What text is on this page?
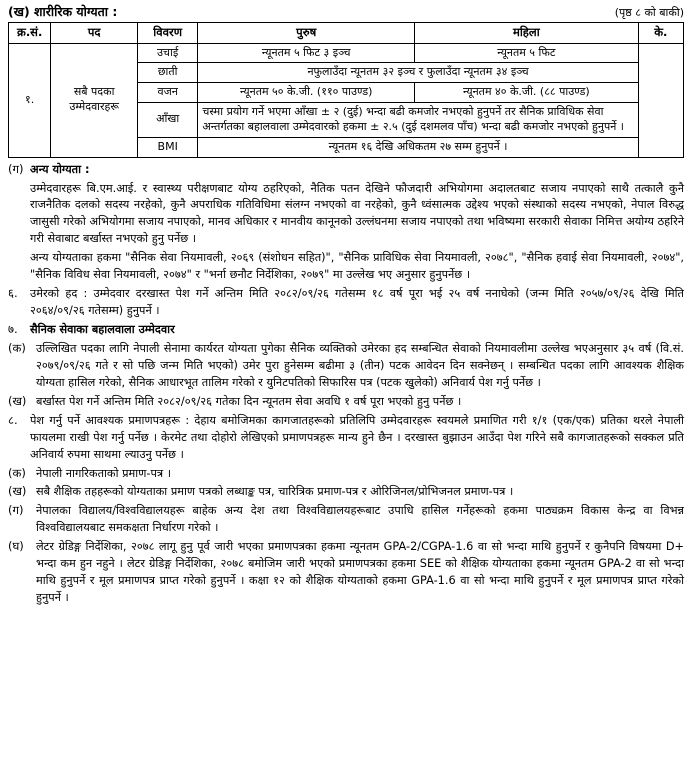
(ख) शारीरिक योग्यता :	(पृष्ठ ८ को बाकी)
क्र.सं.	पद	विवरण	पुरुष	महिला	के.
१.	सबै पदका उम्मेदवारहरू	उचाई	न्यूनतम ५ फिट ३ इञ्च	न्यूनतम ५ फिट	
		छाती	नफुलाउँदा न्यूनतम ३२ इञ्च र फुलाउँदा न्यूनतम ३४ इञ्च		
		वजन	न्यूनतम ५० के.जी. (११० पाउण्ड)	न्यूनतम ४० के.जी. (८८ पाउण्ड)	
		आँखा	चस्मा प्रयोग गर्ने भएमा आँखा ± २ (दुई) भन्दा बढी कमजोर नभएको हुनुपर्ने तर सैनिक प्राविधिक सेवा अन्तर्गतका बहालवाला उम्मेदवारको हकमा ± २.५ (दुई दशमलव पाँच) भन्दा बढी कमजोर नभएको हुनुपर्ने ।		
		BMI	न्यूनतम १६ देखि अधिकतम २७ सम्म हुनुपर्ने ।		
(ग) अन्य योग्यता :
उम्मेदवारहरू बि.एम.आई. र स्वास्थ्य परीक्षणबाट योग्य ठहरिएको, नैतिक पतन देखिने फौजदारी अभियोगमा अदालतबाट सजाय नपाएको साथै तत्कालै कुनै राजनैतिक दलको सदस्य नरहेको, कुनै अपराधिक गतिविधिमा संलग्न नभएको वा नरहेको, कुनै ध्वंसात्मक उद्देश्य भएको संस्थाको सदस्य नभएको, नेपाल विरुद्ध जासुसी गरेको अभियोगमा सजाय नपाएको, मानव अधिकार र मानवीय कानूनको उल्लंघनमा सजाय नपाएको तथा भविष्यमा सरकारी सेवाका निमित्त अयोग्य ठहरिने गरी सेवाबाट बर्खास्त नभएको हुनु पर्नेछ ।
अन्य योग्यताका हकमा "सैनिक सेवा नियमावली, २०६९ (संशोधन सहित)", "सैनिक प्राविधिक सेवा नियमावली, २०७८", "सैनिक हवाई सेवा नियमावली, २०७४", "सैनिक विविध सेवा नियमावली, २०७४" र "भर्ना छनौट निर्देशिका, २०७९" मा उल्लेख भए अनुसार हुनुपर्नेछ ।
६.	उमेरको हद : उम्मेदवार दरखास्त पेश गर्ने अन्तिम मिति २०८२/०९/२६ गतेसम्म १८ वर्ष पूरा भई २५ वर्ष ननाघेको (जन्म मिति २०५७/०९/२६ देखि मिति २०६४/०९/२६ गतेसम्म) हुनुपर्ने ।
७.	सैनिक सेवाका बहालवाला उम्मेदवार
(क) उल्लिखित पदका लागि नेपाली सेनामा कार्यरत योग्यता पुगेका सैनिक व्यक्तिको उमेरका हद सम्बन्धित सेवाको नियमावलीमा उल्लेख भएअनुसार ३५ वर्ष (वि.सं. २०७९/०९/२६ गते र सो पछि जन्म मिति भएको) उमेर पुरा हुनेसम्म बढीमा ३ (तीन) पटक आवेदन दिन सक्नेछन् । सम्बन्धित पदका लागि आवश्यक शैक्षिक योग्यता हासिल गरेको, सैनिक आधारभूत तालिम गरेको र युनिटपतिको सिफारिस पत्र (पटक खुलेको) अनिवार्य पेश गर्नु पर्नेछ ।
(ख) बर्खास्त पेश गर्ने अन्तिम मिति २०८२/०९/२६ गतेका दिन न्यूनतम सेवा अवधि १ वर्ष पूरा भएको हुनु पर्नेछ ।
८.	पेश गर्नु पर्ने आवश्यक प्रमाणपत्रहरू : देहाय बमोजिमका कागजातहरूको प्रतिलिपि उम्मेदवारहरू स्वयमले प्रमाणित गरी १/१ (एक/एक) प्रतिका थरले नेपाली फायलमा राखी पेश गर्नु पर्नेछ । केरमेट तथा दोहोरो लेखिएको प्रमाणपत्रहरू मान्य हुने छैन । दरखास्त बुझाउन आउँदा पेश गरिने सबै कागजातहरूको सक्कल प्रति अनिवार्य रुपमा साथमा ल्याउनु पर्नेछ ।
(क) नेपाली नागरिकताको प्रमाण-पत्र ।
(ख) सबै शैक्षिक तहहरूको योग्यताका प्रमाण पत्रको लब्धाङ्क पत्र, चारित्रिक प्रमाण-पत्र र ओरिजिनल/प्रोभिजनल प्रमाण-पत्र ।
(ग)	नेपालका विद्यालय/विश्वविद्यालयहरू बाहेक अन्य देश तथा विश्वविद्यालयहरूबाट उपाधि हासिल गर्नेहरूको हकमा पाठ्यक्रम विकास केन्द्र वा विभन्न विश्वविद्यालयबाट समकक्षता निर्धारण गरेको ।
(घ)	लेटर ग्रेडिङ्ग निर्देशिका, २०७८ लागू हुनु पूर्व जारी भएका प्रमाणपत्रका हकमा न्यूनतम GPA-2/CGPA-1.6 वा सो भन्दा माथि हुनुपर्ने र कुनैपनि विषयमा D+ भन्दा कम हुन नहुने । लेटर ग्रेडिङ्ग निर्देशिका, २०७८ बमोजिम जारी भएको प्रमाणपत्रका हकमा SEE को शैक्षिक योग्यताका हकमा न्यूनतम GPA-2 वा सो भन्दा माथि हुनुपर्ने र मूल प्रमाणपत्र प्राप्त गरेको हुनुपर्ने । कक्षा १२ को शैक्षिक योग्यताको हकमा GPA-1.6 वा सो भन्दा माथि हुनुपर्ने र मूल प्रमाणपत्र प्राप्त गरेको हुनुपर्ने ।
